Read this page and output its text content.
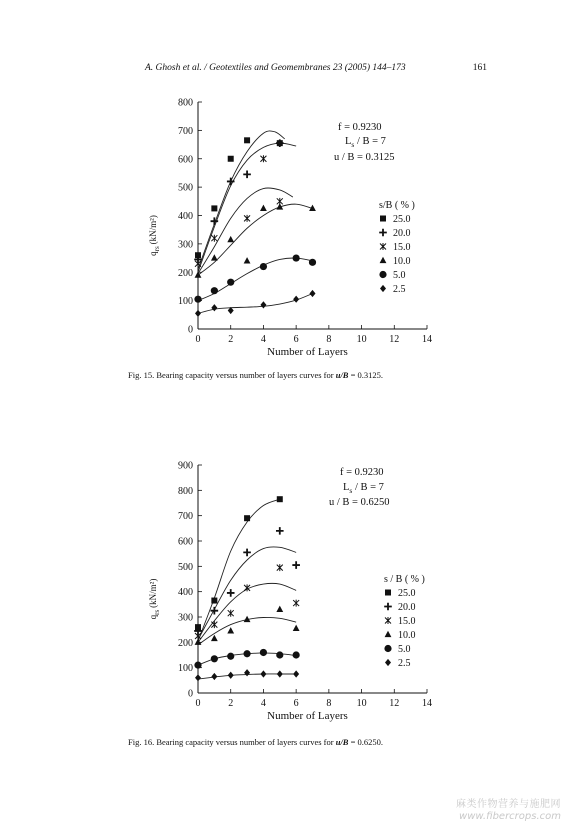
A. Ghosh et al. / Geotextiles and Geomembranes 23 (2005) 144–173	161
0
100
200
300
400
500
600
700
800
0	2	4	6	8	10 12 14
Number of Layers
$q_{rs}(kN/m^2)$
f = 0.9230
$L_s / B = 7$
u / B = 0.3125
s/B ( % )
25.0
20.0
15.0
10.0
5.0
2.5
Fig. 15. Bearing capacity versus number of layers curves for u/B = 0.3125.
0
100
200
300
400
500
600
700
800
900
0	2	4	6	8	10 12 14
Number of Layers
$q_{rs}(kN/m^2)$
f = 0.9230
$L_s / B = 7$
u / B = 0.6250
s / B ( % )
25.0
20.0
15.0
10.0
5.0
2.5
Fig. 16. Bearing capacity versus number of layers curves for u/B = 0.6250.
麻类作物营养与施肥网
www.fibercrops.com
